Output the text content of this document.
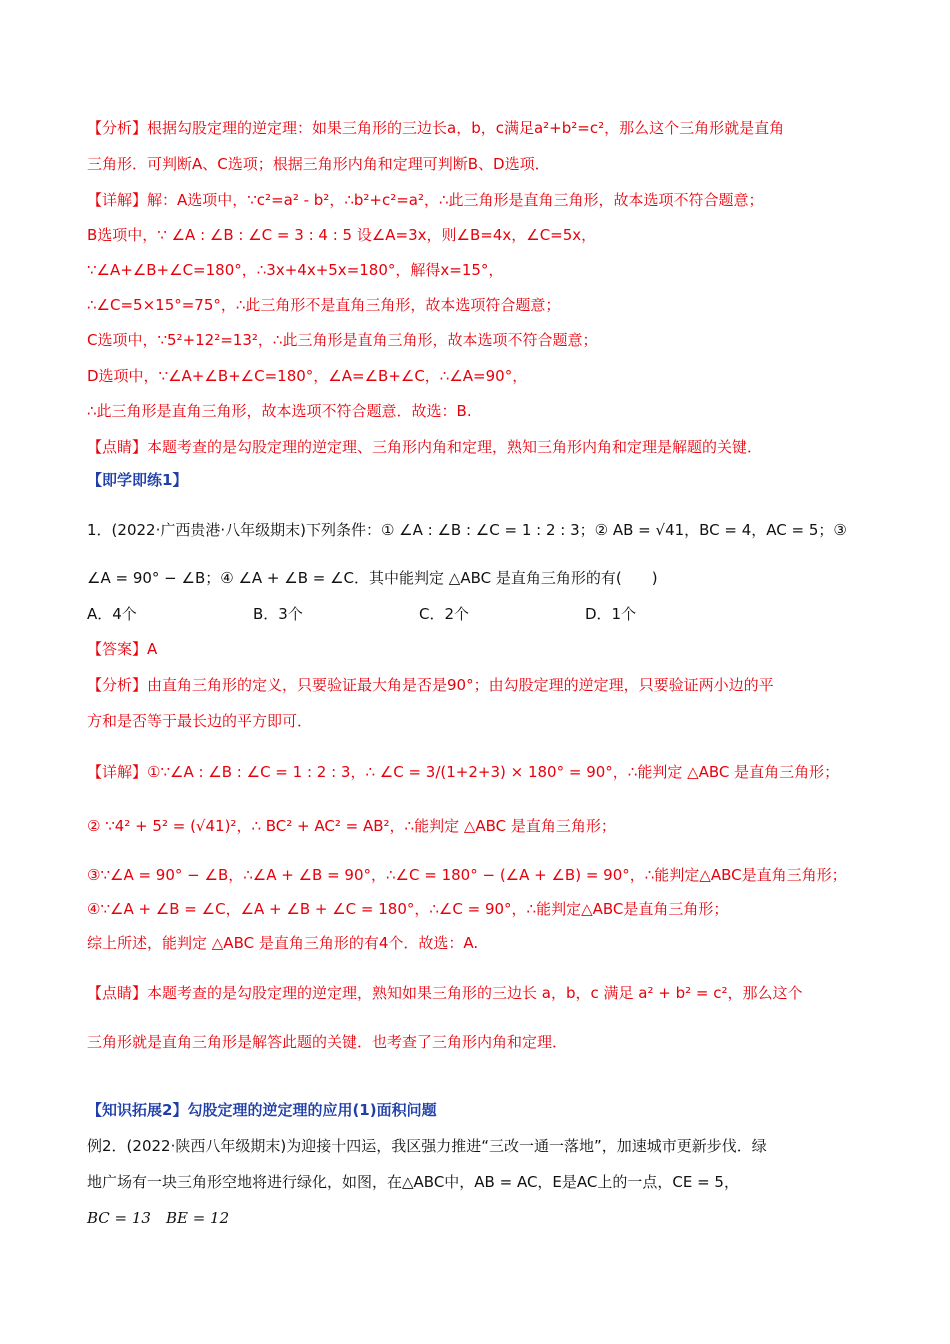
【分析】根据勾股定理的逆定理：如果三角形的三边长a，b，c满足a²+b²=c²，那么这个三角形就是直角
三角形．可判断A、C选项；根据三角形内角和定理可判断B、D选项．
【详解】解：A选项中，∵c²=a² - b²，∴b²+c²=a²，∴此三角形是直角三角形，故本选项不符合题意；
B选项中，∵ ∠A : ∠B : ∠C = 3 : 4 : 5 设∠A=3x，则∠B=4x，∠C=5x，
∵∠A+∠B+∠C=180°，∴3x+4x+5x=180°，解得x=15°，
∴∠C=5×15°=75°，∴此三角形不是直角三角形，故本选项符合题意；
C选项中，∵5²+12²=13²，∴此三角形是直角三角形，故本选项不符合题意；
D选项中，∵∠A+∠B+∠C=180°，∠A=∠B+∠C，∴∠A=90°，
∴此三角形是直角三角形，故本选项不符合题意．故选：B.
【点睛】本题考查的是勾股定理的逆定理、三角形内角和定理，熟知三角形内角和定理是解题的关键．
【即学即练1】
1．(2022·广西贵港·八年级期末)下列条件：① ∠A : ∠B : ∠C = 1 : 2 : 3；② AB = √41，BC = 4，AC = 5；③
∠A = 90° − ∠B；④ ∠A + ∠B = ∠C．其中能判定 △ABC 是直角三角形的有(　　)
A．4个	B．3个	C．2个	D．1个
【答案】A
【分析】由直角三角形的定义，只要验证最大角是否是90°；由勾股定理的逆定理，只要验证两小边的平
方和是否等于最长边的平方即可．
【详解】①∵∠A : ∠B : ∠C = 1 : 2 : 3，∴ ∠C = 3/(1+2+3) × 180° = 90°，∴能判定 △ABC 是直角三角形；
② ∵4² + 5² = (√41)²，∴ BC² + AC² = AB²，∴能判定 △ABC 是直角三角形；
③∵∠A = 90° − ∠B，∴∠A + ∠B = 90°，∴∠C = 180° − (∠A + ∠B) = 90°，∴能判定△ABC是直角三角形；
④∵∠A + ∠B = ∠C，∠A + ∠B + ∠C = 180°，∴∠C = 90°，∴能判定△ABC是直角三角形；
综上所述，能判定 △ABC 是直角三角形的有4个．故选：A.
【点睛】本题考查的是勾股定理的逆定理，熟知如果三角形的三边长 a，b，c 满足 a² + b² = c²，那么这个
三角形就是直角三角形是解答此题的关键．也考查了三角形内角和定理．
【知识拓展2】勾股定理的逆定理的应用(1)面积问题
例2．(2022·陕西八年级期末)为迎接十四运，我区强力推进“三改一通一落地”，加速城市更新步伐．绿
地广场有一块三角形空地将进行绿化，如图，在△ABC中，AB = AC，E是AC上的一点，CE = 5，
BC = 13　BE = 12
